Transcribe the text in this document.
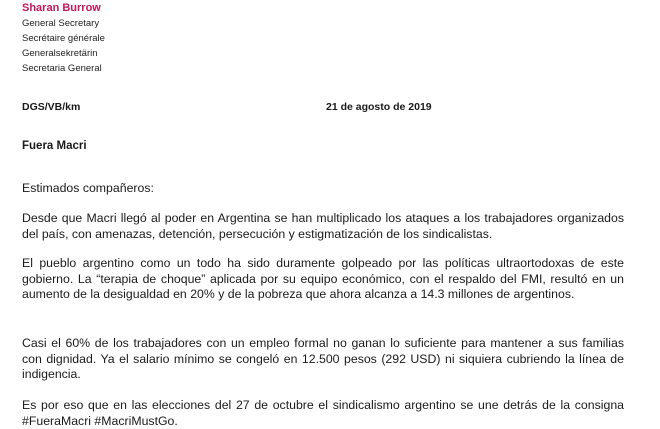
Sharan Burrow
General Secretary
Secrétaire générale
Generalsekretärin
Secretaria General
DGS/VB/km	21 de agosto de 2019
Fuera Macri
Estimados compañeros:
Desde que Macri llegó al poder en Argentina se han multiplicado los ataques a los trabajadores organizados del país, con amenazas, detención, persecución y estigmatización de los sindicalistas.
El pueblo argentino como un todo ha sido duramente golpeado por las políticas ultraortodoxas de este gobierno. La “terapia de choque” aplicada por su equipo económico, con el respaldo del FMI, resultó en un aumento de la desigualdad en 20% y de la pobreza que ahora alcanza a 14.3 millones de argentinos.
Casi el 60% de los trabajadores con un empleo formal no ganan lo suficiente para mantener a sus familias con dignidad. Ya el salario mínimo se congeló en 12.500 pesos (292 USD) ni siquiera cubriendo la línea de indigencia.
Es por eso que en las elecciones del 27 de octubre el sindicalismo argentino se une detrás de la consigna #FueraMacri #MacriMustGo.
